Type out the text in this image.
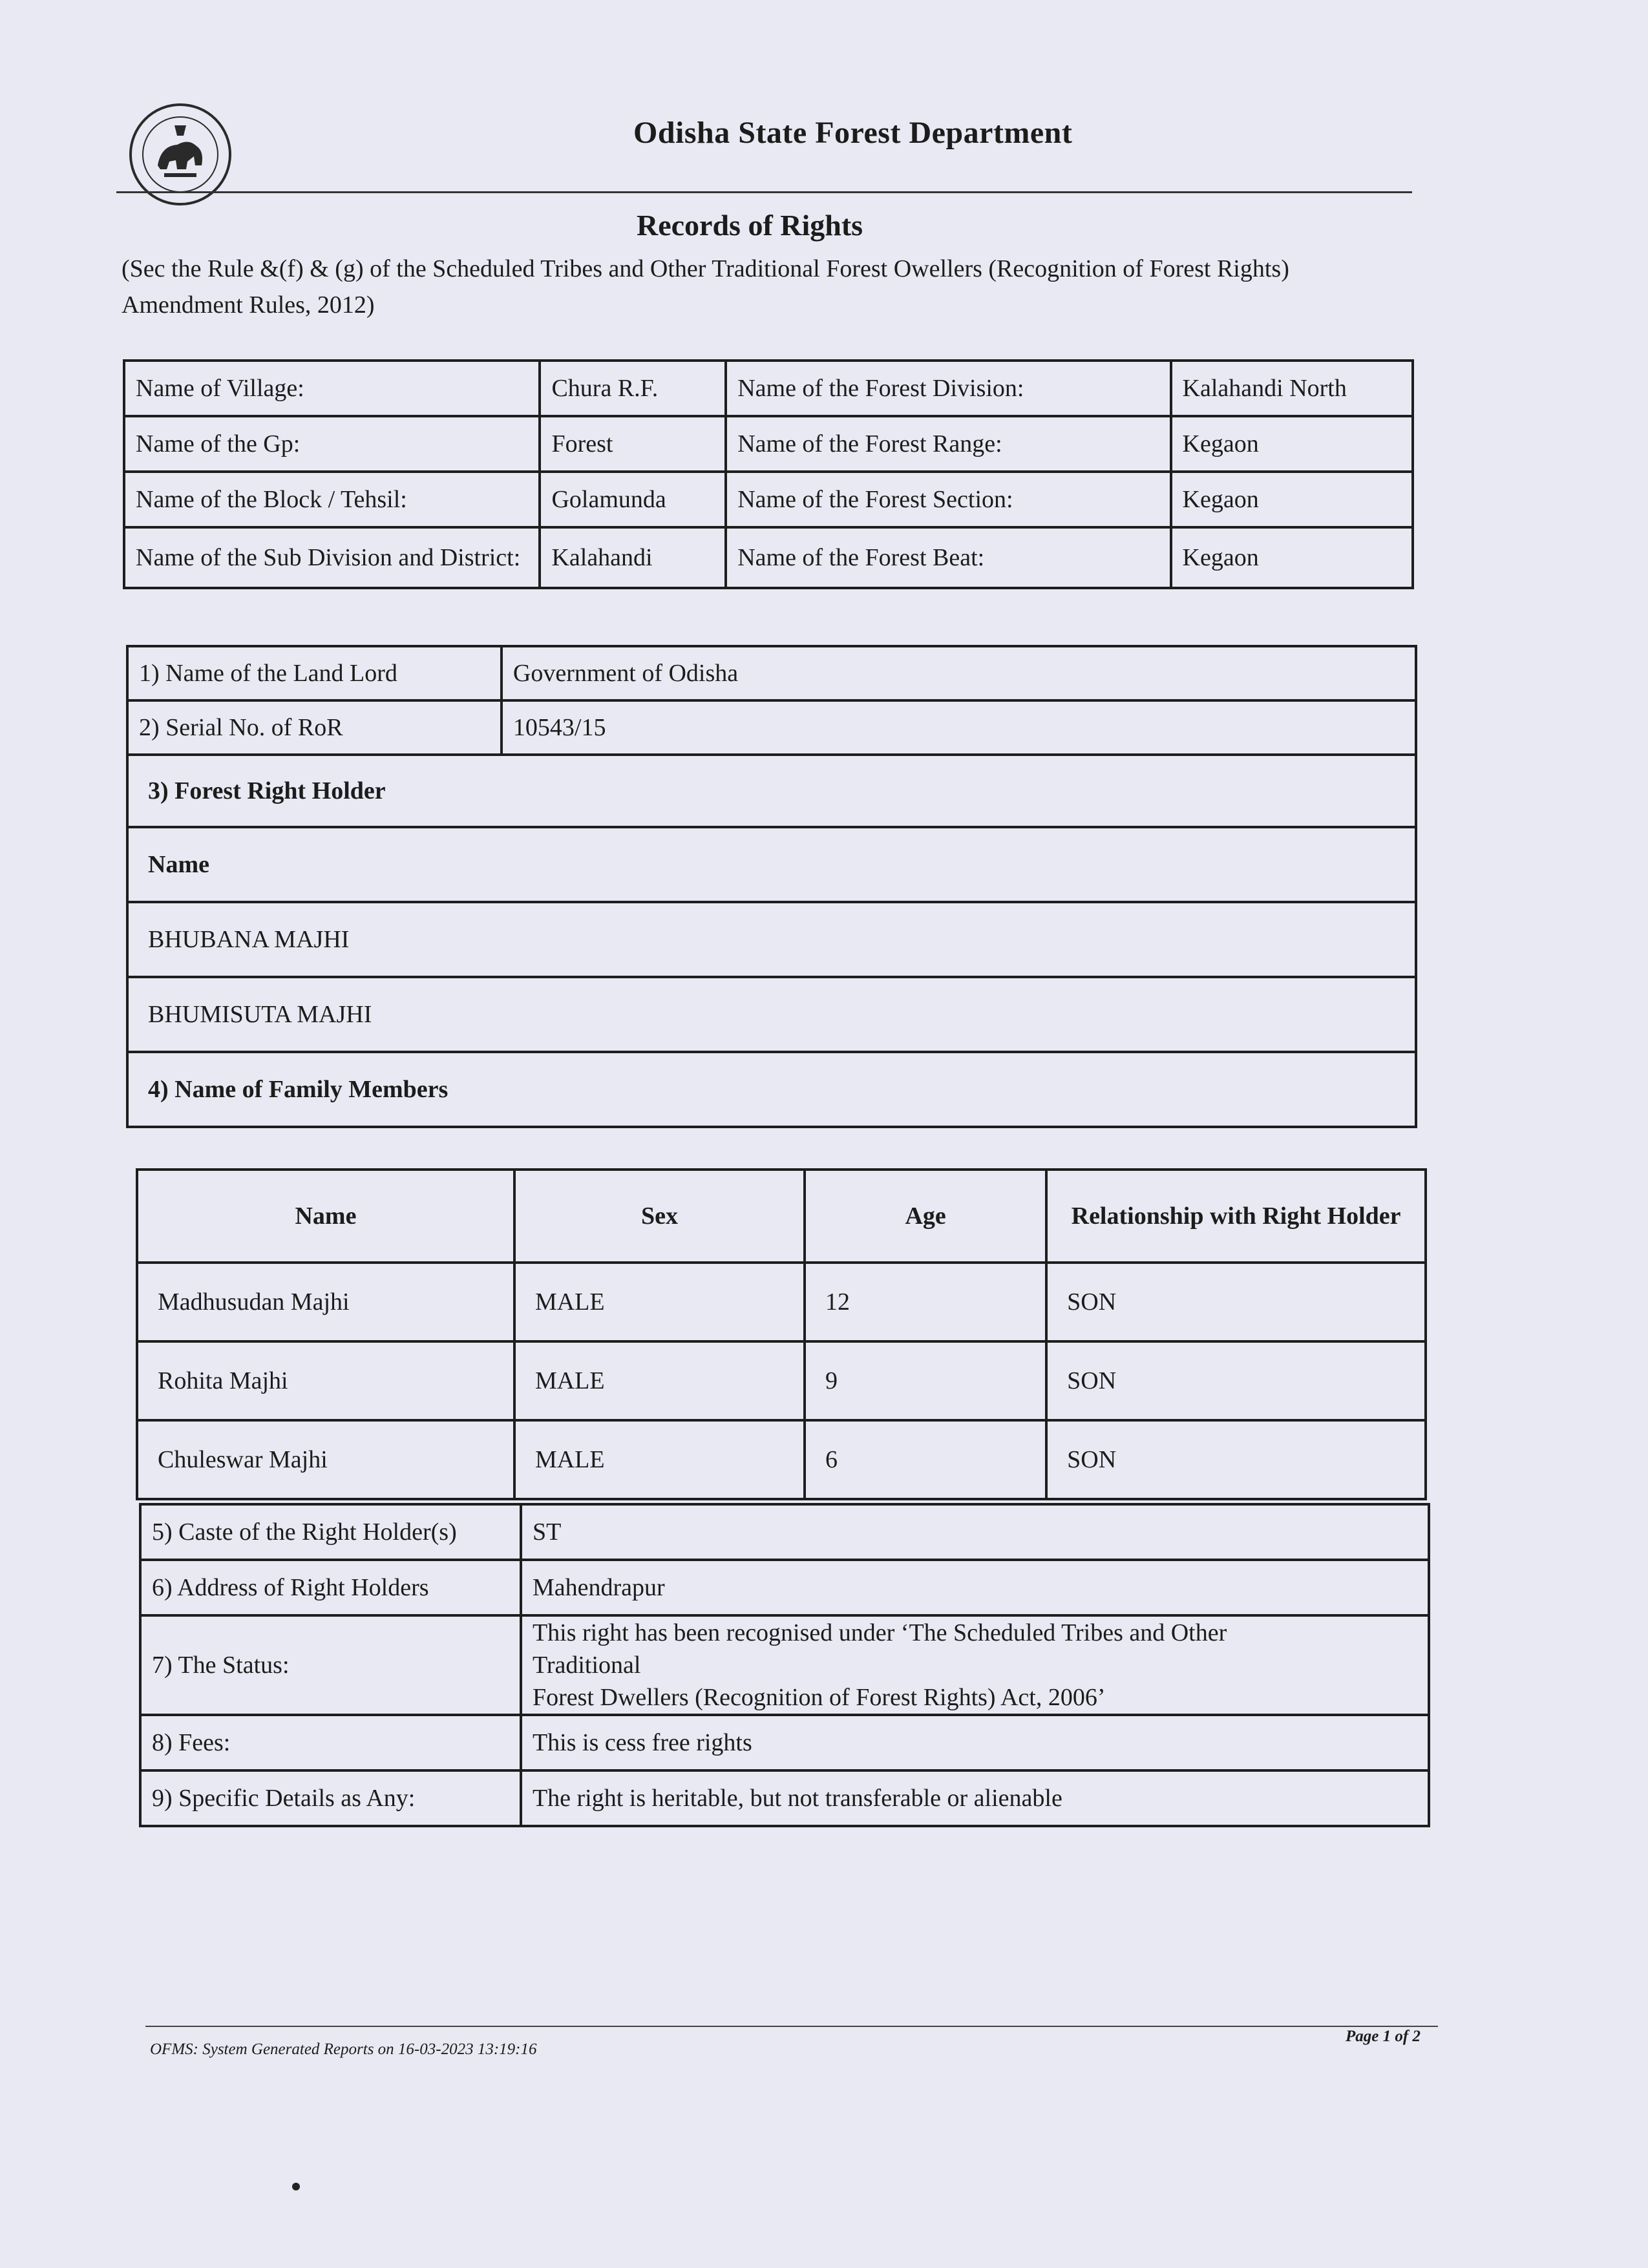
Odisha State Forest Department
Records of Rights
(Sec the Rule &(f) & (g) of the Scheduled Tribes and Other Traditional Forest Owellers (Recognition of Forest Rights) Amendment Rules, 2012)
Name of Village:	Chura R.F.	Name of the Forest Division:	Kalahandi North
Name of the Gp:	Forest	Name of the Forest Range:	Kegaon
Name of the Block / Tehsil:	Golamunda	Name of the Forest Section:	Kegaon
Name of the Sub Division and District:	Kalahandi	Name of the Forest Beat:	Kegaon
1) Name of the Land Lord	Government of Odisha
2) Serial No. of RoR	10543/15
3) Forest Right Holder	
Name	
BHUBANA MAJHI	
BHUMISUTA MAJHI	
4) Name of Family Members	
Name	Sex	Age	Relationship with Right Holder
Madhusudan Majhi	MALE	12	SON
Rohita Majhi	MALE	9	SON
Chuleswar Majhi	MALE	6	SON
5) Caste of the Right Holder(s)	ST
6) Address of Right Holders	Mahendrapur
7) The Status:	This right has been recognised under ‘The Scheduled Tribes and Other
Traditional
Forest Dwellers (Recognition of Forest Rights) Act, 2006’

8) Fees:	This is cess free rights
9) Specific Details as Any:	The right is heritable, but not transferable or alienable
OFMS: System Generated Reports on 16-03-2023 13:19:16
Page 1 of 2
